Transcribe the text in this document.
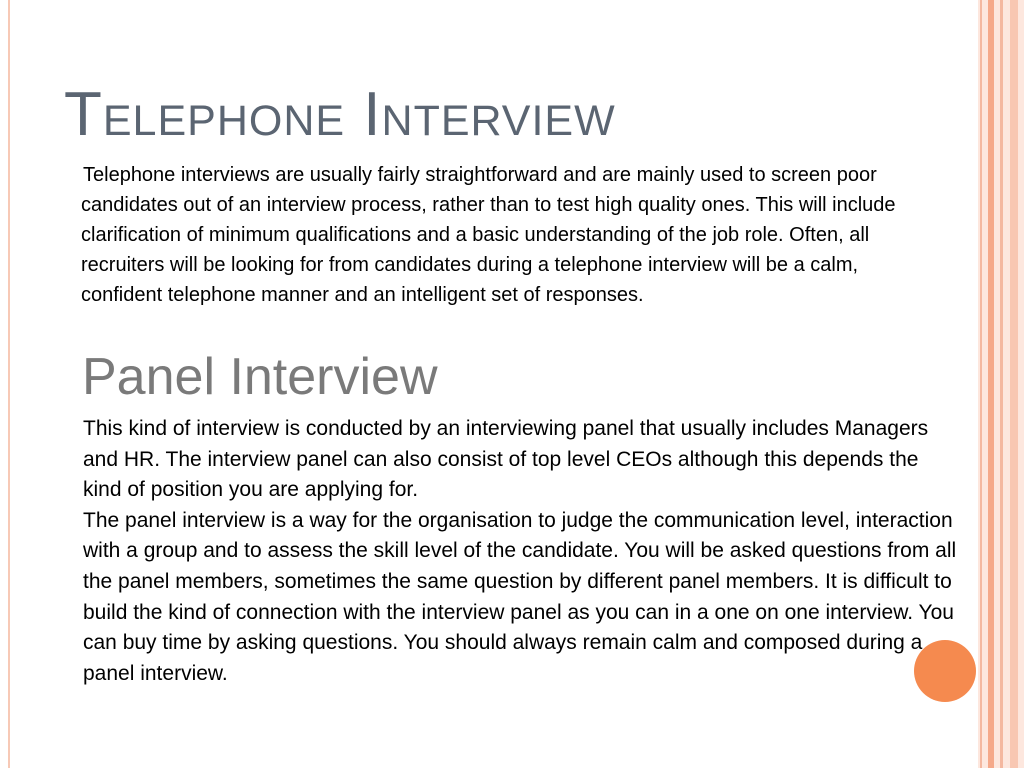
Telephone Interview

Telephone interviews are usually fairly straightforward and are mainly used to screen poor candidates out of an interview process, rather than to test high quality ones. This will include clarification of minimum qualifications and a basic understanding of the job role. Often, all recruiters will be looking for from candidates during a telephone interview will be a calm, confident telephone manner and an intelligent set of responses.

Panel Interview
This kind of interview is conducted by an interviewing panel that usually includes Managers and HR. The interview panel can also consist of top level CEOs although this depends the kind of position you are applying for.
The panel interview is a way for the organisation to judge the communication level, interaction with a group and to assess the skill level of the candidate. You will be asked questions from all the panel members, sometimes the same question by different panel members. It is difficult to build the kind of connection with the interview panel as you can in a one on one interview. You can buy time by asking questions. You should always remain calm and composed during a panel interview.
